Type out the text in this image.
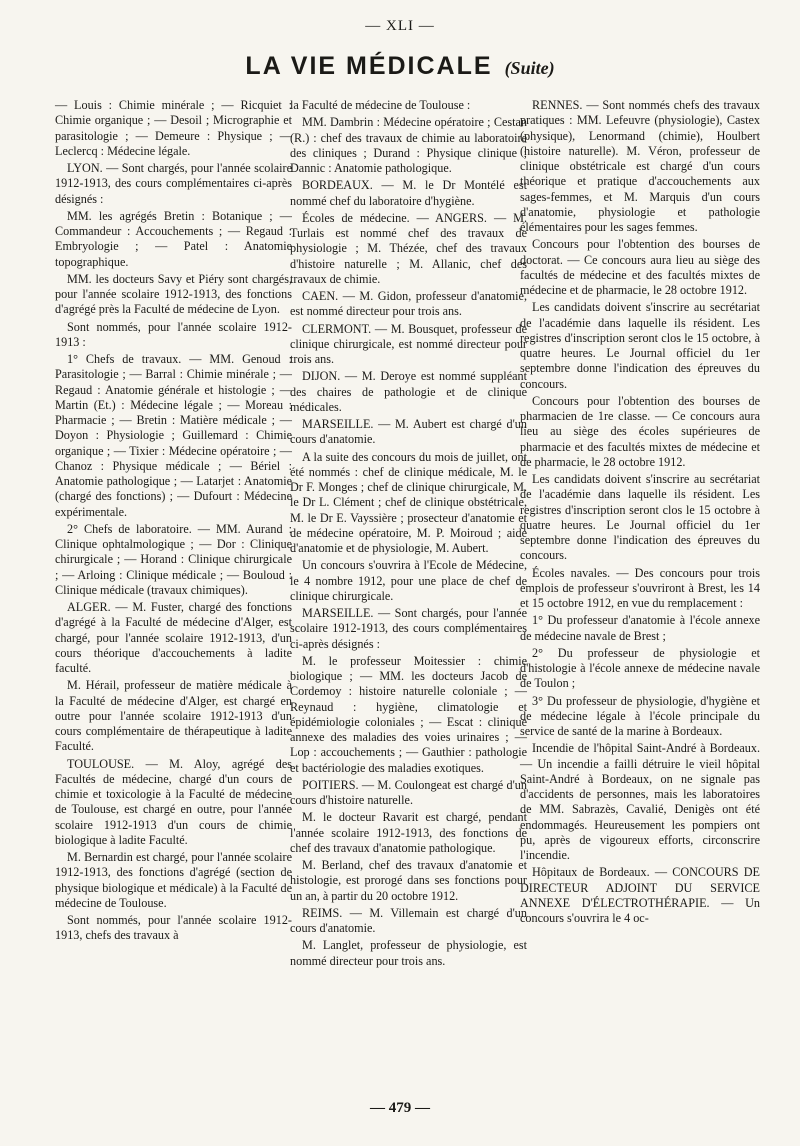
— XLI —
LA VIE MÉDICALE (Suite)

— Louis : Chimie minérale ; — Ricquiet : Chimie organique ; — Desoil ; Micrographie et parasitologie ; — Demeure : Physique ; — Leclercq : Médecine légale.

LYON. — Sont chargés, pour l'année scolaire 1912-1913, des cours complémentaires ci-après désignés :

MM. les agrégés Bretin : Botanique ; — Commandeur : Accouchements ; — Regaud : Embryologie ; — Patel : Anatomie topographique.

MM. les docteurs Savy et Piéry sont chargés, pour l'année scolaire 1912-1913, des fonctions d'agrégé près la Faculté de médecine de Lyon.

Sont nommés, pour l'année scolaire 1912-1913 :

1° Chefs de travaux. — MM. Genoud : Parasitologie ; — Barral : Chimie minérale ; — Regaud : Anatomie générale et histologie ; — Martin (Et.) : Médecine légale ; — Moreau : Pharmacie ; — Bretin : Matière médicale ; — Doyon : Physiologie ; Guillemard : Chimie organique ; — Tixier : Médecine opératoire ; — Chanoz : Physique médicale ; — Bériel : Anatomie pathologique ; — Latarjet : Anatomie (chargé des fonctions) ; — Dufourt : Médecine expérimentale.

2° Chefs de laboratoire. — MM. Aurand : Clinique ophtalmologique ; — Dor : Clinique chirurgicale ; — Horand : Clinique chirurgicale ; — Arloing : Clinique médicale ; — Bouloud : Clinique médicale (travaux chimiques).

ALGER. — M. Fuster, chargé des fonctions d'agrégé à la Faculté de médecine d'Alger, est chargé, pour l'année scolaire 1912-1913, d'un cours théorique d'accouchements à ladite faculté.

M. Hérail, professeur de matière médicale à la Faculté de médecine d'Alger, est chargé en outre pour l'année scolaire 1912-1913 d'un cours complémentaire de thérapeutique à ladite Faculté.

TOULOUSE. — M. Aloy, agrégé des Facultés de médecine, chargé d'un cours de chimie et toxicologie à la Faculté de médecine de Toulouse, est chargé en outre, pour l'année scolaire 1912-1913 d'un cours de chimie biologique à ladite Faculté.

M. Bernardin est chargé, pour l'année scolaire 1912-1913, des fonctions d'agrégé (section de physique biologique et médicale) à la Faculté de médecine de Toulouse.

Sont nommés, pour l'année scolaire 1912-1913, chefs des travaux à

la Faculté de médecine de Toulouse :

MM. Dambrin : Médecine opératoire ; Cestan (R.) : chef des travaux de chimie au laboratoire des cliniques ; Durand : Physique clinique ; Dannic : Anatomie pathologique.

BORDEAUX. — M. le Dr Montélé est nommé chef du laboratoire d'hygiène.

Écoles de médecine. — ANGERS. — M. Turlais est nommé chef des travaux de physiologie ; M. Thézée, chef des travaux d'histoire naturelle ; M. Allanic, chef des travaux de chimie.

CAEN. — M. Gidon, professeur d'anatomie, est nommé directeur pour trois ans.

CLERMONT. — M. Bousquet, professeur de clinique chirurgicale, est nommé directeur pour trois ans.

DIJON. — M. Deroye est nommé suppléant des chaires de pathologie et de clinique médicales.

MARSEILLE. — M. Aubert est chargé d'un cours d'anatomie.

A la suite des concours du mois de juillet, ont été nommés : chef de clinique médicale, M. le Dr F. Monges ; chef de clinique chirurgicale, M. le Dr L. Clément ; chef de clinique obstétricale, M. le Dr E. Vayssière ; prosecteur d'anatomie et de médecine opératoire, M. P. Moiroud ; aide d'anatomie et de physiologie, M. Aubert.

Un concours s'ouvrira à l'Ecole de Médecine, le 4 nombre 1912, pour une place de chef de clinique chirurgicale.

MARSEILLE. — Sont chargés, pour l'année scolaire 1912-1913, des cours complémentaires ci-après désignés :

M. le professeur Moitessier : chimie biologique ; — MM. les docteurs Jacob de Cordemoy : histoire naturelle coloniale ; — Reynaud : hygiène, climatologie et épidémiologie coloniales ; — Escat : clinique annexe des maladies des voies urinaires ; — Lop : accouchements ; — Gauthier : pathologie et bactériologie des maladies exotiques.

POITIERS. — M. Coulongeat est chargé d'un cours d'histoire naturelle.

M. le docteur Ravarit est chargé, pendant l'année scolaire 1912-1913, des fonctions de chef des travaux d'anatomie pathologique.

M. Berland, chef des travaux d'anatomie et histologie, est prorogé dans ses fonctions pour un an, à partir du 20 octobre 1912.

REIMS. — M. Villemain est chargé d'un cours d'anatomie.

M. Langlet, professeur de physiologie, est nommé directeur pour trois ans.

RENNES. — Sont nommés chefs des travaux pratiques : MM. Lefeuvre (physiologie), Castex (physique), Lenormand (chimie), Houlbert (histoire naturelle). M. Véron, professeur de clinique obstétricale est chargé d'un cours théorique et pratique d'accouchements aux sages-femmes, et M. Marquis d'un cours d'anatomie, physiologie et pathologie élémentaires pour les sages femmes.

Concours pour l'obtention des bourses de doctorat. — Ce concours aura lieu au siège des facultés de médecine et des facultés mixtes de médecine et de pharmacie, le 28 octobre 1912.

Les candidats doivent s'inscrire au secrétariat de l'académie dans laquelle ils résident. Les registres d'inscription seront clos le 15 octobre, à quatre heures. Le Journal officiel du 1er septembre donne l'indication des épreuves du concours.

Concours pour l'obtention des bourses de pharmacien de 1re classe. — Ce concours aura lieu au siège des écoles supérieures de pharmacie et des facultés mixtes de médecine et de pharmacie, le 28 octobre 1912.

Les candidats doivent s'inscrire au secrétariat de l'académie dans laquelle ils résident. Les registres d'inscription seront clos le 15 octobre à quatre heures. Le Journal officiel du 1er septembre donne l'indication des épreuves du concours.

Écoles navales. — Des concours pour trois emplois de professeur s'ouvriront à Brest, les 14 et 15 octobre 1912, en vue du remplacement :

1° Du professeur d'anatomie à l'école annexe de médecine navale de Brest ;

2° Du professeur de physiologie et d'histologie à l'école annexe de médecine navale de Toulon ;

3° Du professeur de physiologie, d'hygiène et de médecine légale à l'école principale du service de santé de la marine à Bordeaux.

Incendie de l'hôpital Saint-André à Bordeaux. — Un incendie a failli détruire le vieil hôpital Saint-André à Bordeaux, on ne signale pas d'accidents de personnes, mais les laboratoires de MM. Sabrazès, Cavalié, Denigès ont été endommagés. Heureusement les pompiers ont pu, après de vigoureux efforts, circonscrire l'incendie.

Hôpitaux de Bordeaux. — CONCOURS DE DIRECTEUR ADJOINT DU SERVICE ANNEXE D'ÉLECTROTHÉRAPIE. — Un concours s'ouvrira le 4 oc-

— 479 —
